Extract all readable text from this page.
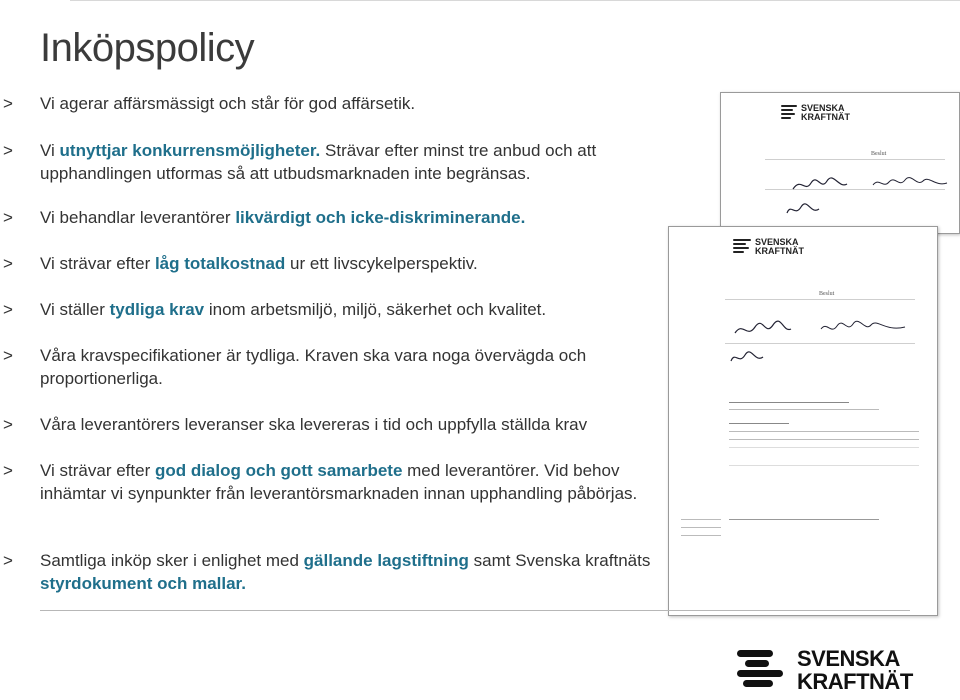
Inköpspolicy
> Vi agerar affärsmässigt och står för god affärsetik.
> Vi utnyttjar konkurrensmöjligheter. Strävar efter minst tre anbud och att upphandlingen utformas så att utbudsmarknaden inte begränsas.
> Vi behandlar leverantörer likvärdigt och icke-diskriminerande.
> Vi strävar efter låg totalkostnad ur ett livscykelperspektiv.
> Vi ställer tydliga krav inom arbetsmiljö, miljö, säkerhet och kvalitet.
> Våra kravspecifikationer är tydliga. Kraven ska vara noga övervägda och proportionerliga.
> Våra leverantörers leveranser ska levereras i tid och uppfylla ställda krav
> Vi strävar efter god dialog och gott samarbete med leverantörer. Vid behov inhämtar vi synpunkter från leverantörsmarknaden innan upphandling påbörjas.
> Samtliga inköp sker i enlighet med gällande lagstiftning samt Svenska kraftnäts styrdokument och mallar.
SVENSKA
KRAFTNÄT
Beslut
SVENSKA
KRAFTNÄT
Beslut
SVENSKA
KRAFTNÄT
